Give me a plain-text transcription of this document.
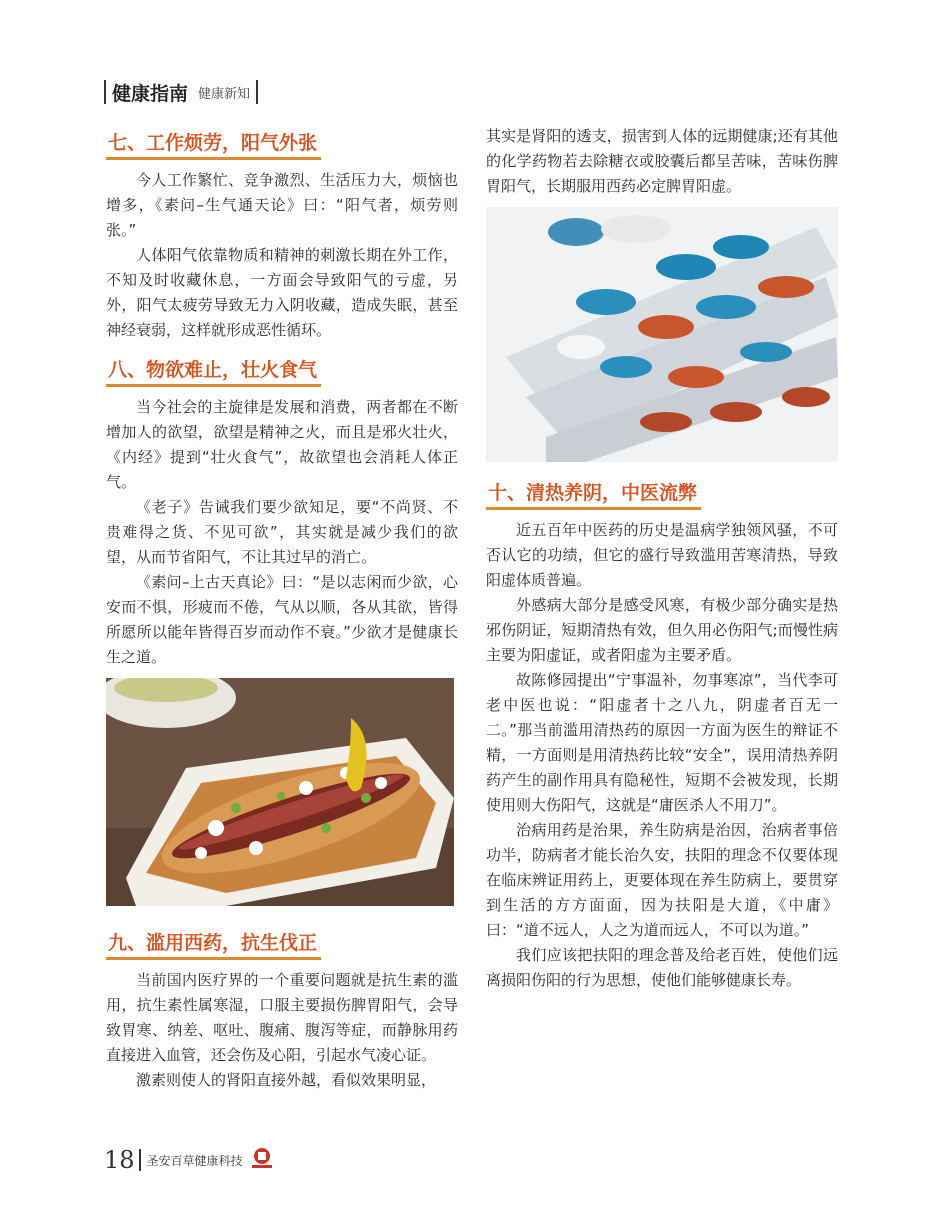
健康指南 健康新知
七、工作烦劳，阳气外张

今人工作繁忙、竞争激烈、生活压力大，烦恼也增多，《素问–生气通天论》曰：“阳气者，烦劳则张。”

人体阳气依靠物质和精神的刺激长期在外工作，不知及时收藏休息，一方面会导致阳气的亏虚，另外，阳气太疲劳导致无力入阴收藏，造成失眠，甚至神经衰弱，这样就形成恶性循环。

八、物欲难止，壮火食气

当今社会的主旋律是发展和消费，两者都在不断增加人的欲望，欲望是精神之火，而且是邪火壮火，《内经》提到“壮火食气”，故欲望也会消耗人体正气。

《老子》告诫我们要少欲知足，要“不尚贤、不贵难得之货、不见可欲”，其实就是减少我们的欲望，从而节省阳气，不让其过早的消亡。

《素问–上古天真论》曰：“是以志闲而少欲，心安而不惧，形疲而不倦，气从以顺，各从其欲，皆得所愿所以能年皆得百岁而动作不衰。”少欲才是健康长生之道。

九、滥用西药，抗生伐正

当前国内医疗界的一个重要问题就是抗生素的滥用，抗生素性属寒湿，口服主要损伤脾胃阳气，会导致胃寒、纳差、呕吐、腹痛、腹泻等症，而静脉用药直接进入血管，还会伤及心阳，引起水气凌心证。

激素则使人的肾阳直接外越，看似效果明显，

其实是肾阳的透支，损害到人体的远期健康;还有其他的化学药物若去除糖衣或胶囊后都呈苦味，苦味伤脾胃阳气，长期服用西药必定脾胃阳虚。

十、清热养阴，中医流弊

近五百年中医药的历史是温病学独领风骚，不可否认它的功绩，但它的盛行导致滥用苦寒清热，导致阳虚体质普遍。

外感病大部分是感受风寒，有极少部分确实是热邪伤阴证，短期清热有效，但久用必伤阳气;而慢性病主要为阳虚证，或者阳虚为主要矛盾。

故陈修园提出“宁事温补，勿事寒凉”，当代李可老中医也说：“阳虚者十之八九，阴虚者百无一二。”那当前滥用清热药的原因一方面为医生的辩证不精，一方面则是用清热药比较“安全”，误用清热养阴药产生的副作用具有隐秘性，短期不会被发现，长期使用则大伤阳气，这就是“庸医杀人不用刀”。

治病用药是治果，养生防病是治因，治病者事倍功半，防病者才能长治久安，扶阳的理念不仅要体现在临床辨证用药上，更要体现在养生防病上，要贯穿到生活的方方面面，因为扶阳是大道，《中庸》曰：“道不远人，人之为道而远人，不可以为道。”

我们应该把扶阳的理念普及给老百姓，使他们远离损阳伤阳的行为思想，使他们能够健康长寿。

18 圣安百草健康科技
